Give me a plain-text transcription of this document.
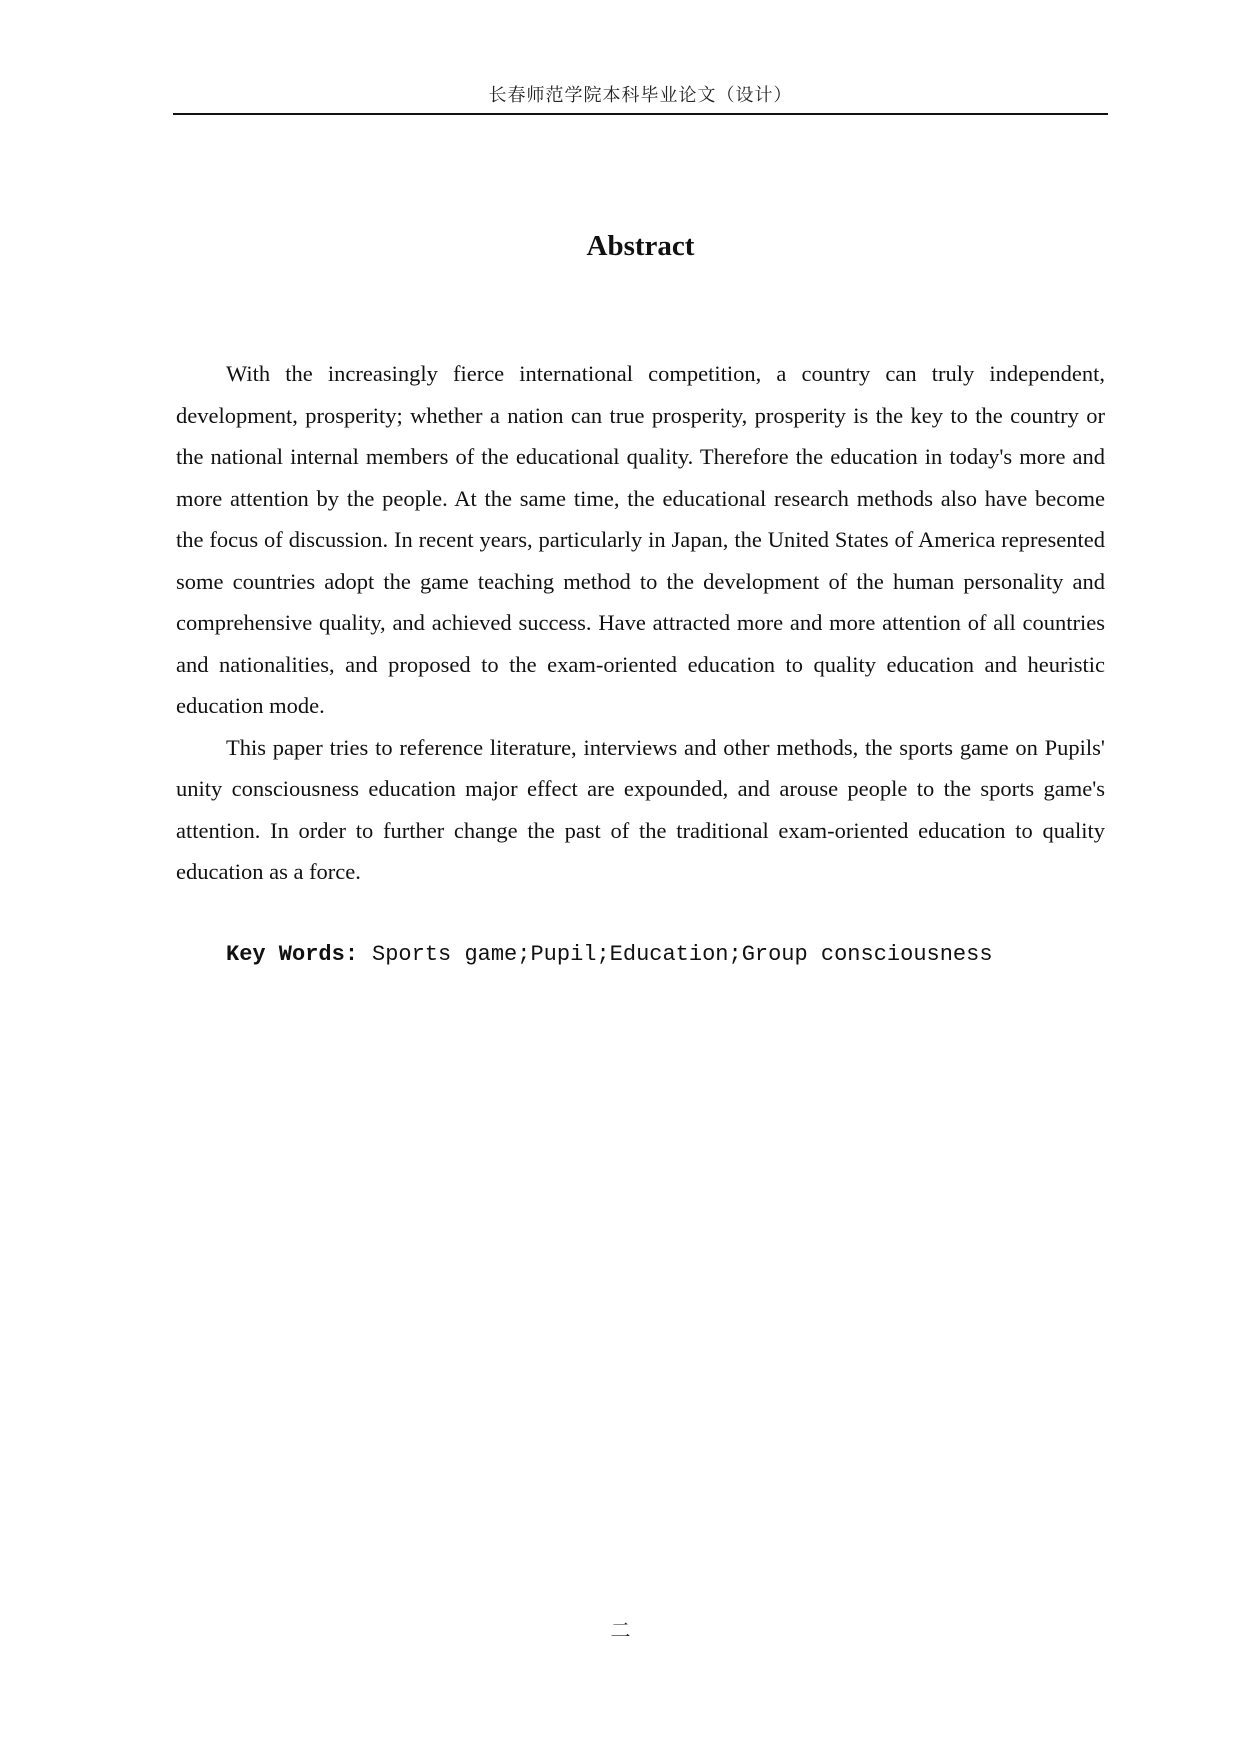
长春师范学院本科毕业论文（设计）
Abstract

With the increasingly fierce international competition, a country can truly independent, development, prosperity; whether a nation can true prosperity, prosperity is the key to the country or the national internal members of the educational quality. Therefore the education in today's more and more attention by the people. At the same time, the educational research methods also have become the focus of discussion. In recent years, particularly in Japan, the United States of America represented some countries adopt the game teaching method to the development of the human personality and comprehensive quality, and achieved success. Have attracted more and more attention of all countries and nationalities, and proposed to the exam-oriented education to quality education and heuristic education mode.

This paper tries to reference literature, interviews and other methods, the sports game on Pupils' unity consciousness education major effect are expounded, and arouse people to the sports game's attention. In order to further change the past of the traditional exam-oriented education to quality education as a force.

Key Words: Sports game;Pupil;Education;Group consciousness
二
